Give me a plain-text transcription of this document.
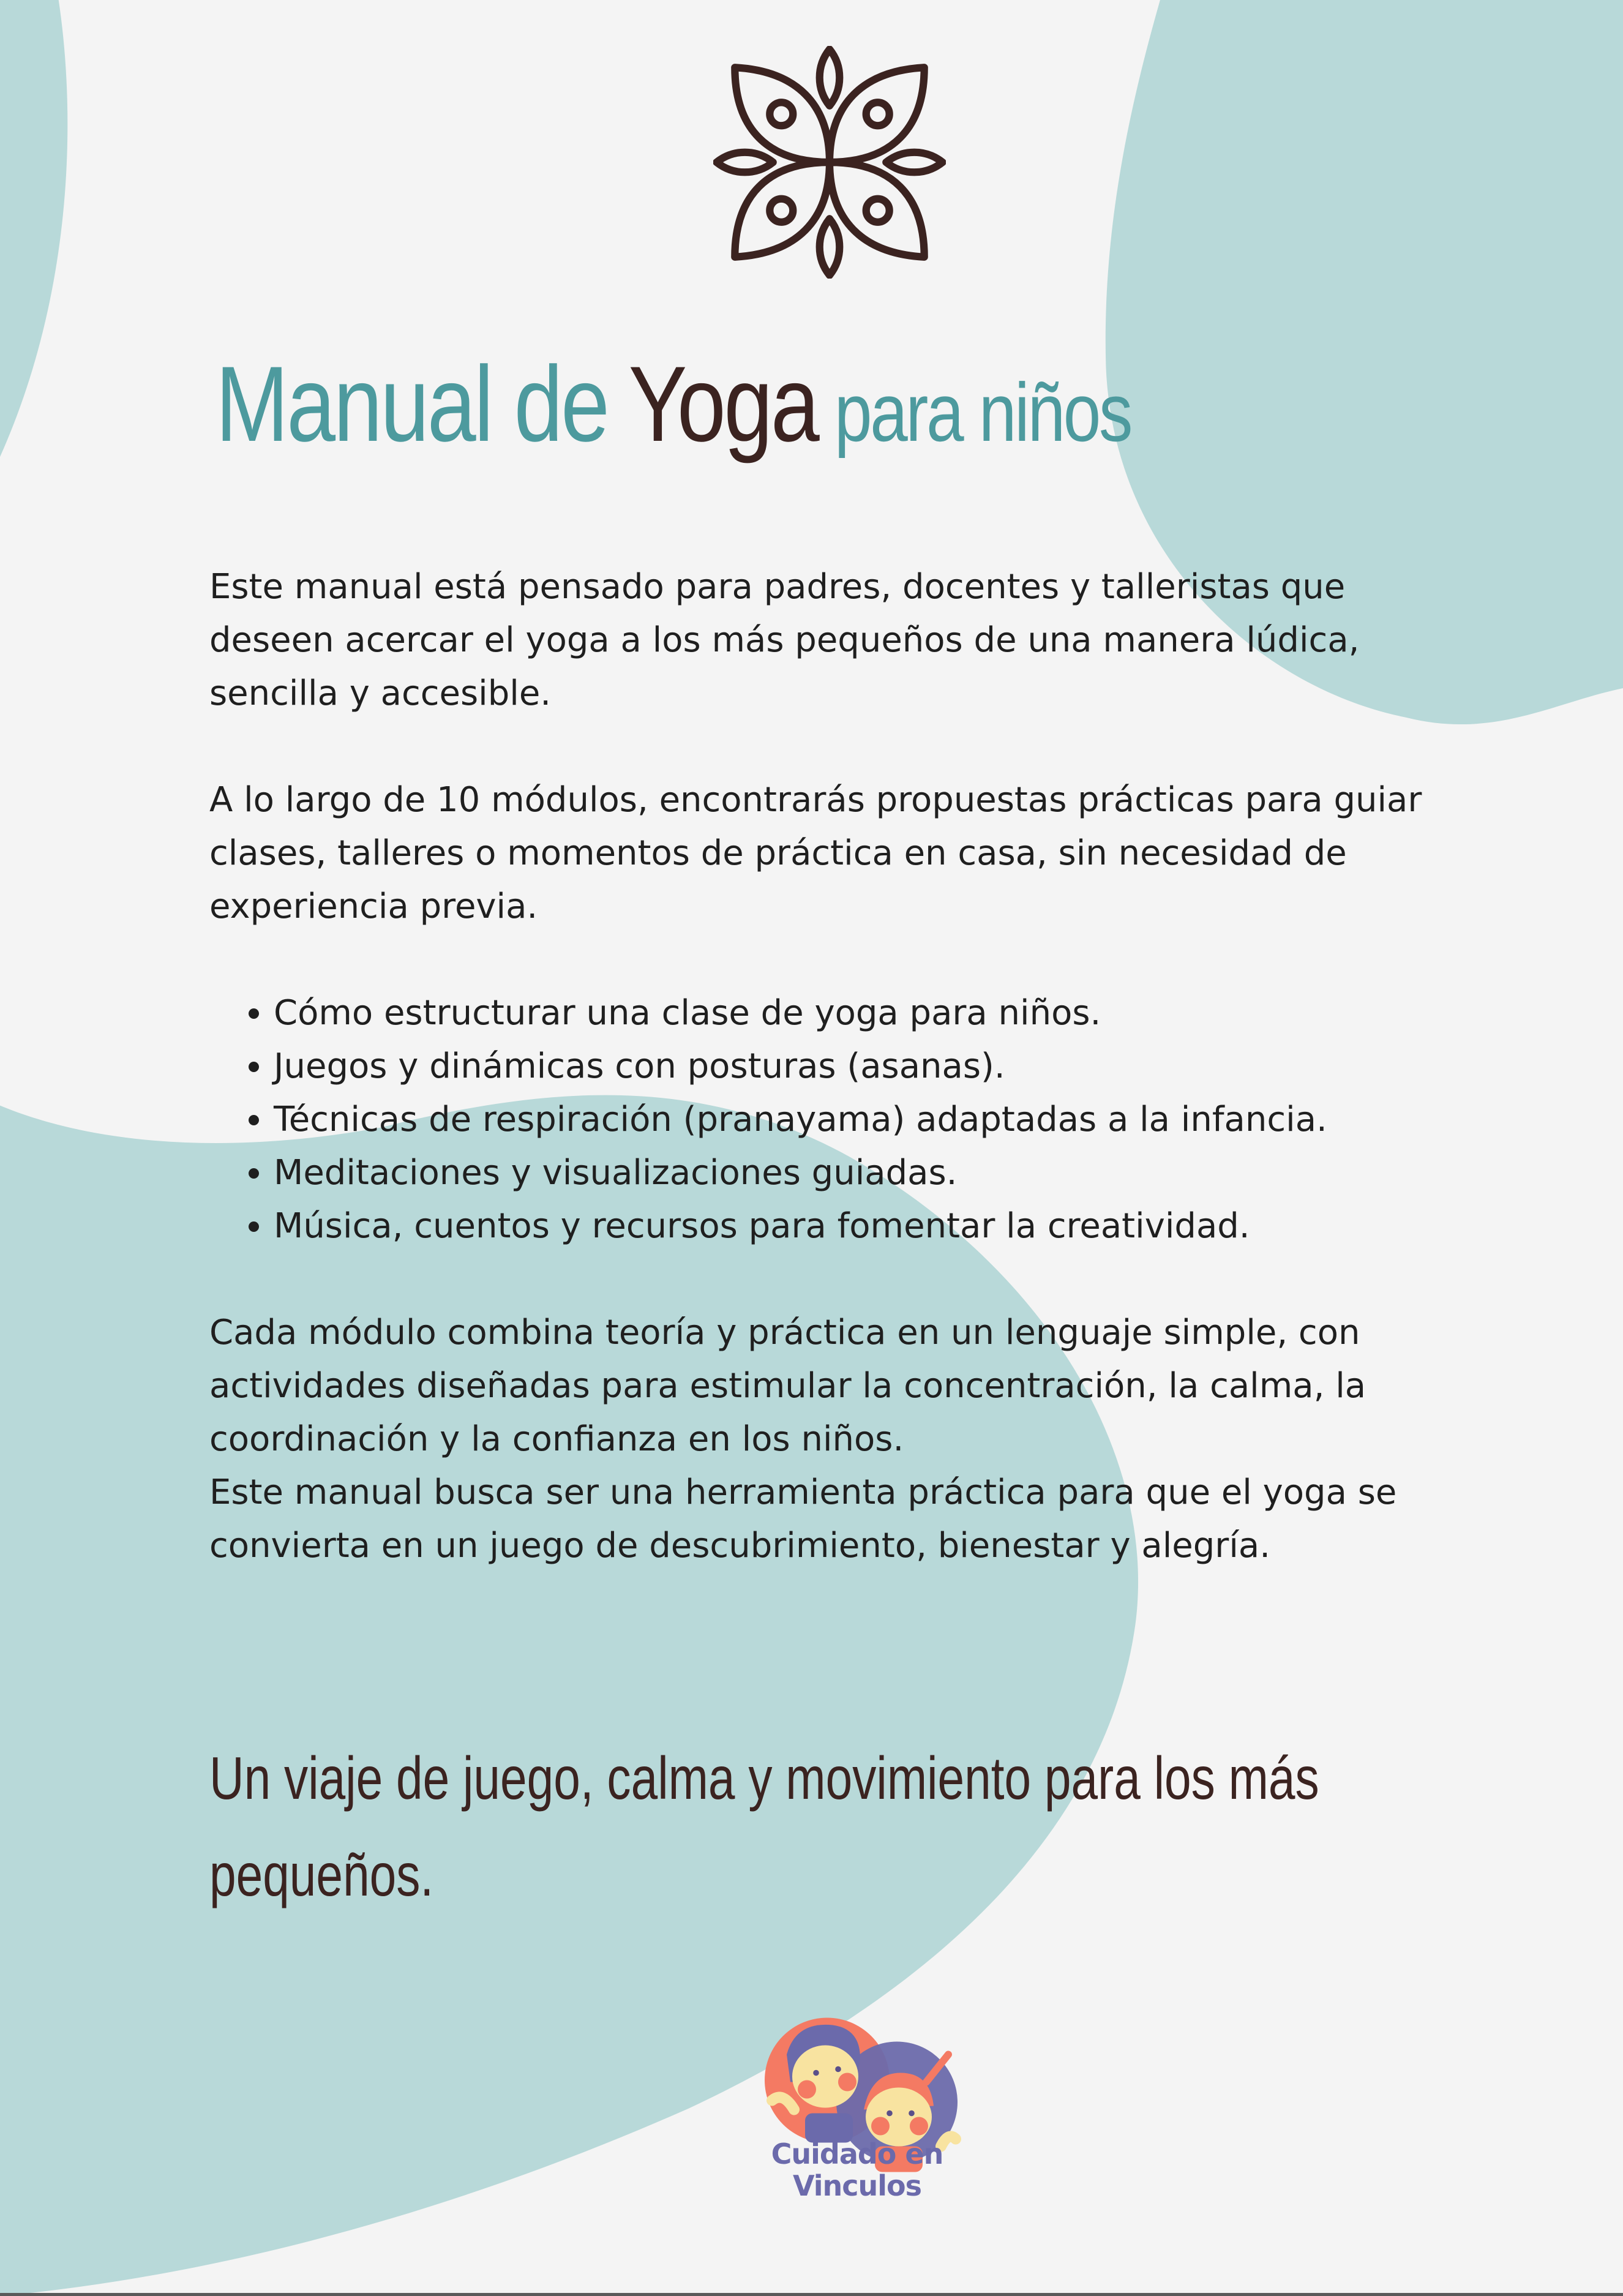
Manual de Yoga para niños

Este manual está pensado para padres, docentes y talleristas que
deseen acercar el yoga a los más pequeños de una manera lúdica,
sencilla y accesible.

A lo largo de 10 módulos, encontrarás propuestas prácticas para guiar
clases, talleres o momentos de práctica en casa, sin necesidad de
experiencia previa.

• Cómo estructurar una clase de yoga para niños.
• Juegos y dinámicas con posturas (asanas).
• Técnicas de respiración (pranayama) adaptadas a la infancia.
• Meditaciones y visualizaciones guiadas.
• Música, cuentos y recursos para fomentar la creatividad.

Cada módulo combina teoría y práctica en un lenguaje simple, con
actividades diseñadas para estimular la concentración, la calma, la
coordinación y la confianza en los niños.
Este manual busca ser una herramienta práctica para que el yoga se
convierta en un juego de descubrimiento, bienestar y alegría.

Un viaje de juego, calma y movimiento para los más
pequeños.
Cuidado en
Vinculos
